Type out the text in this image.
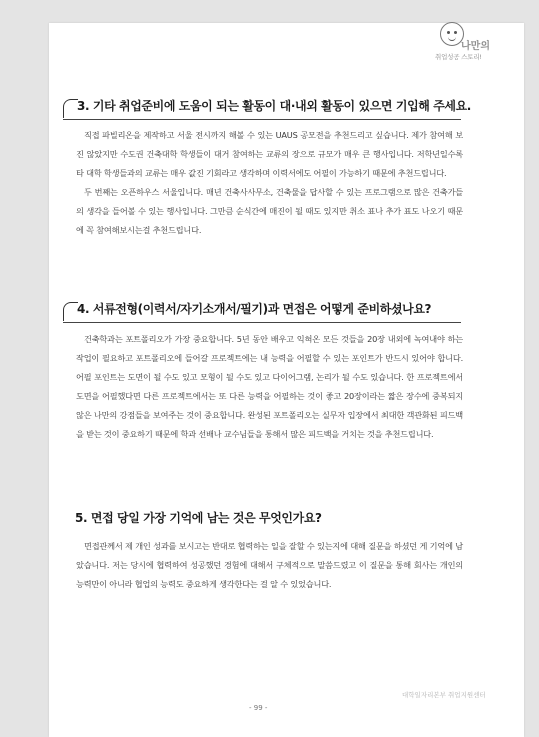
나만의
취업성공 스토리!
3. 기타 취업준비에 도움이 되는 활동이 대·내외 활동이 있으면 기입해 주세요.
직접 파빌리온을 제작하고 서울 전시까지 해볼 수 있는 UAUS 공모전을 추천드리고 싶습니다. 제가 참여해 보진 않았지만 수도권 건축대학 학생들이 대거 참여하는 교류의 장으로 규모가 매우 큰 행사입니다. 저학년일수록 타 대학 학생들과의 교류는 매우 값진 기회라고 생각하며 이력서에도 어필이 가능하기 때문에 추천드립니다.
두 번째는 오픈하우스 서울입니다. 매년 건축사사무소, 건축물을 답사할 수 있는 프로그램으로 많은 건축가들의 생각을 들어볼 수 있는 행사입니다. 그만큼 순식간에 매진이 될 때도 있지만 취소 표나 추가 표도 나오기 때문에 꼭 참여해보시는걸 추천드립니다.
4. 서류전형(이력서/자기소개서/필기)과 면접은 어떻게 준비하셨나요?
건축학과는 포트폴리오가 가장 중요합니다. 5년 동안 배우고 익혀온 모든 것들을 20장 내외에 녹여내야 하는 작업이 필요하고 포트폴리오에 들어갈 프로젝트에는 내 능력을 어필할 수 있는 포인트가 반드시 있어야 합니다. 어필 포인트는 도면이 될 수도 있고 모형이 될 수도 있고 다이어그램, 논리가 될 수도 있습니다. 한 프로젝트에서 도면을 어필했다면 다른 프로젝트에서는 또 다른 능력을 어필하는 것이 좋고 20장이라는 짧은 장수에 중복되지 않은 나만의 강점들을 보여주는 것이 중요합니다. 완성된 포트폴리오는 실무자 입장에서 최대한 객관화된 피드백을 받는 것이 중요하기 때문에 학과 선배나 교수님들을 통해서 많은 피드백을 거치는 것을 추천드립니다.
5. 면접 당일 가장 기억에 남는 것은 무엇인가요?
면접관께서 제 개인 성과를 보시고는 반대로 협력하는 일을 잘할 수 있는지에 대해 질문을 하셨던 게 기억에 남았습니다. 저는 당시에 협력하여 성공했던 경험에 대해서 구체적으로 말씀드렸고 이 질문을 통해 회사는 개인의 능력만이 아니라 협업의 능력도 중요하게 생각한다는 걸 알 수 있었습니다.
대학일자리본부 취업지원센터
- 99 -
